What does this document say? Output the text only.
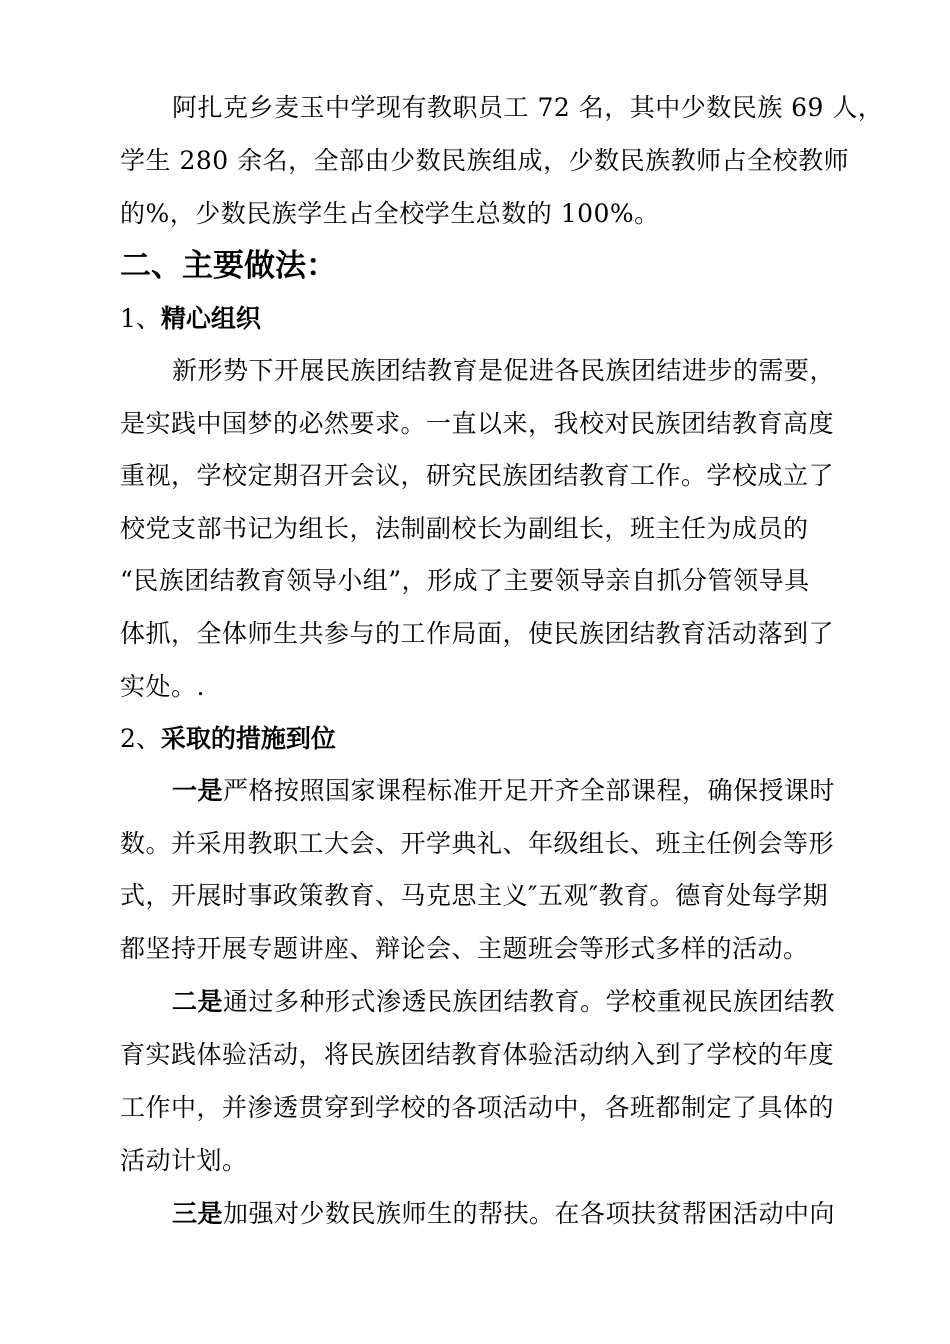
阿扎克乡麦玉中学现有教职员工 72 名，其中少数民族 69 人，
学生 280 余名，全部由少数民族组成，少数民族教师占全校教师
的%，少数民族学生占全校学生总数的 100%。
二、主要做法：
1、精心组织
新形势下开展民族团结教育是促进各民族团结进步的需要，
是实践中国梦的必然要求。一直以来，我校对民族团结教育高度
重视，学校定期召开会议，研究民族团结教育工作。学校成立了
校党支部书记为组长，法制副校长为副组长，班主任为成员的
“民族团结教育领导小组”，形成了主要领导亲自抓分管领导具
体抓，全体师生共参与的工作局面，使民族团结教育活动落到了
实处。.
2、采取的措施到位
一是严格按照国家课程标准开足开齐全部课程，确保授课时
数。并采用教职工大会、开学典礼、年级组长、班主任例会等形
式，开展时事政策教育、马克思主义″五观″教育。德育处每学期
都坚持开展专题讲座、辩论会、主题班会等形式多样的活动。
二是通过多种形式渗透民族团结教育。学校重视民族团结教
育实践体验活动，将民族团结教育体验活动纳入到了学校的年度
工作中，并渗透贯穿到学校的各项活动中，各班都制定了具体的
活动计划。
三是加强对少数民族师生的帮扶。在各项扶贫帮困活动中向
